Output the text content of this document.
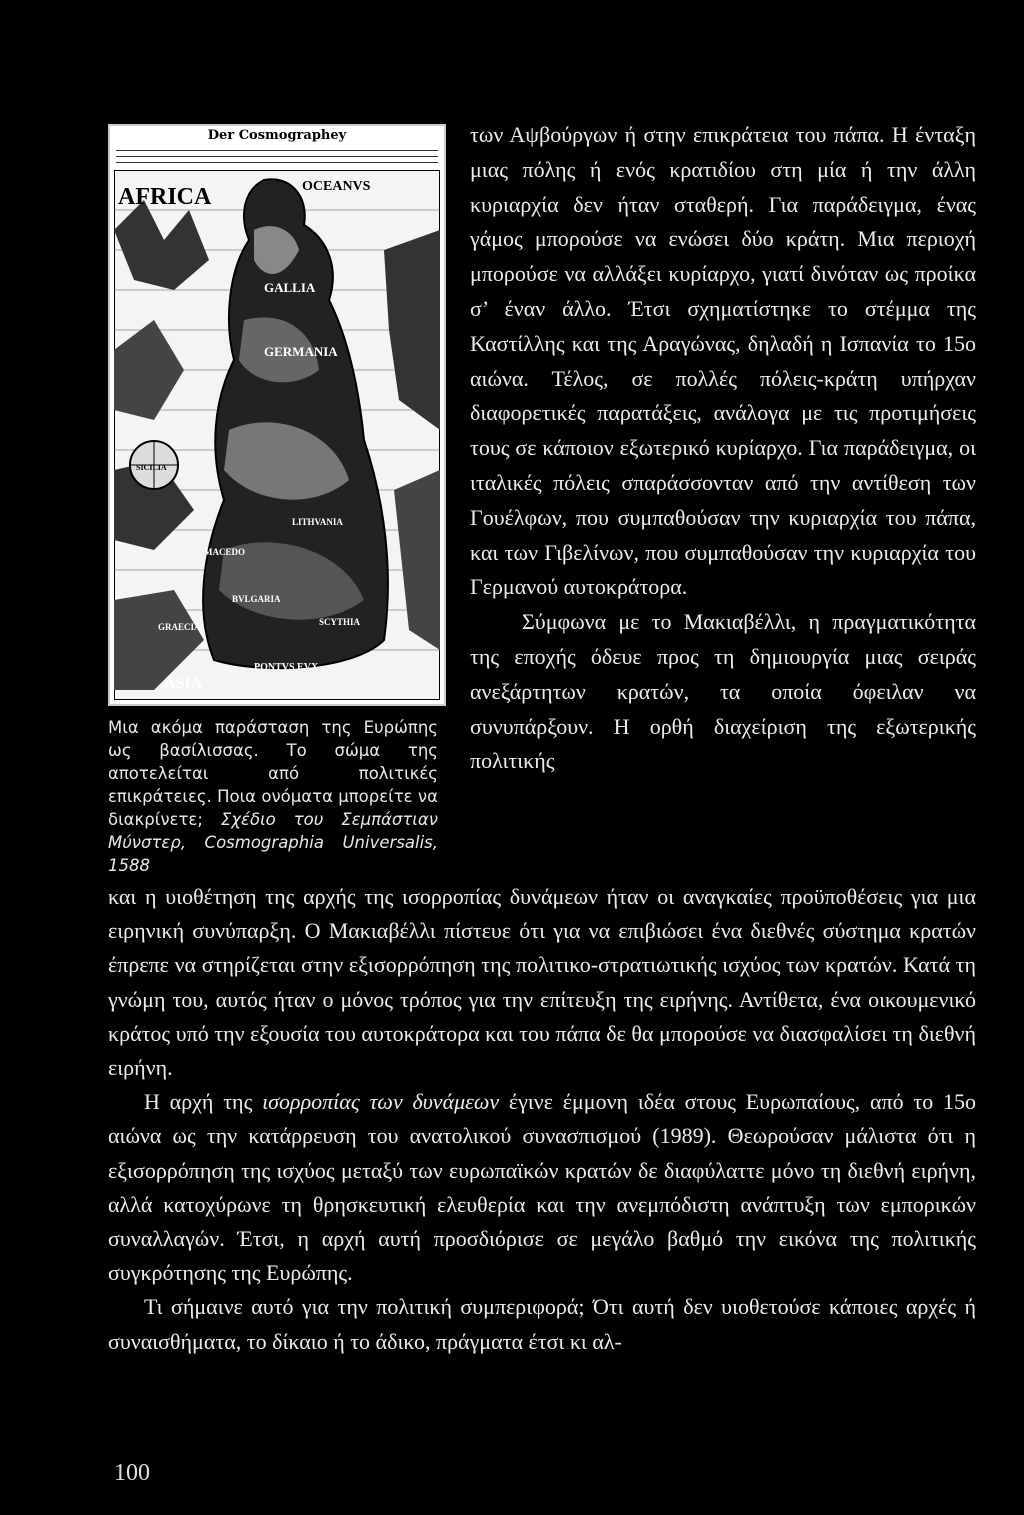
Der Cosmographey
AFRICA	OCEANVS
GALLIA
GERMANIA
SICILIA
LITHVANIA
MACEDO
BVLGARIA
SCYTHIA
GRAECIA
PONTVS EVX
ASIA
Μια ακόμα παράσταση της Ευρώπης ως βασίλισσας. Το σώμα της αποτελείται από πολιτικές επικράτειες. Ποια ονόματα μπορείτε να διακρίνετε; Σχέδιο του Σεμπάστιαν Μύνστερ, Cosmographia Universalis, 1588

των Αψβούργων ή στην επικράτεια του πάπα. Η ένταξη μιας πόλης ή ενός κρατιδίου στη μία ή την άλλη κυριαρχία δεν ήταν σταθερή. Για παράδειγμα, ένας γάμος μπορούσε να ενώσει δύο κράτη. Μια περιοχή μπορούσε να αλλάξει κυρίαρχο, γιατί δινόταν ως προίκα σ’ έναν άλλο. Έτσι σχηματίστηκε το στέμμα της Καστίλλης και της Αραγώνας, δηλαδή η Ισπανία το 15ο αιώνα. Τέλος, σε πολλές πόλεις-κράτη υπήρχαν διαφορετικές παρατάξεις, ανάλογα με τις προτιμήσεις τους σε κάποιον εξωτερικό κυρίαρχο. Για παράδειγμα, οι ιταλικές πόλεις σπαράσσονταν από την αντίθεση των Γουέλφων, που συμπαθούσαν την κυριαρχία του πάπα, και των Γιβελίνων, που συμπαθούσαν την κυριαρχία του Γερμανού αυτοκράτορα.

Σύμφωνα με το Μακιαβέλλι, η πραγματικότητα της εποχής όδευε προς τη δημιουργία μιας σειράς ανεξάρτητων κρατών, τα οποία όφειλαν να συνυπάρξουν. Η ορθή διαχείριση της εξωτερικής πολιτικής

και η υιοθέτηση της αρχής της ισορροπίας δυνάμεων ήταν οι αναγκαίες προϋποθέσεις για μια ειρηνική συνύπαρξη. Ο Μακιαβέλλι πίστευε ότι για να επιβιώσει ένα διεθνές σύστημα κρατών έπρεπε να στηρίζεται στην εξισορρόπηση της πολιτικο-στρατιωτικής ισχύος των κρατών. Κατά τη γνώμη του, αυτός ήταν ο μόνος τρόπος για την επίτευξη της ειρήνης. Αντίθετα, ένα οικουμενικό κράτος υπό την εξουσία του αυτοκράτορα και του πάπα δε θα μπορούσε να διασφαλίσει τη διεθνή ειρήνη.

Η αρχή της ισορροπίας των δυνάμεων έγινε έμμονη ιδέα στους Ευρωπαίους, από το 15ο αιώνα ως την κατάρρευση του ανατολικού συνασπισμού (1989). Θεωρούσαν μάλιστα ότι η εξισορρόπηση της ισχύος μεταξύ των ευρωπαϊκών κρατών δε διαφύλαττε μόνο τη διεθνή ειρήνη, αλλά κατοχύρωνε τη θρησκευτική ελευθερία και την ανεμπόδιστη ανάπτυξη των εμπορικών συναλλαγών. Έτσι, η αρχή αυτή προσδιόρισε σε μεγάλο βαθμό την εικόνα της πολιτικής συγκρότησης της Ευρώπης.

Τι σήμαινε αυτό για την πολιτική συμπεριφορά; Ότι αυτή δεν υιοθετούσε κάποιες αρχές ή συναισθήματα, το δίκαιο ή το άδικο, πράγματα έτσι κι αλ-

100
